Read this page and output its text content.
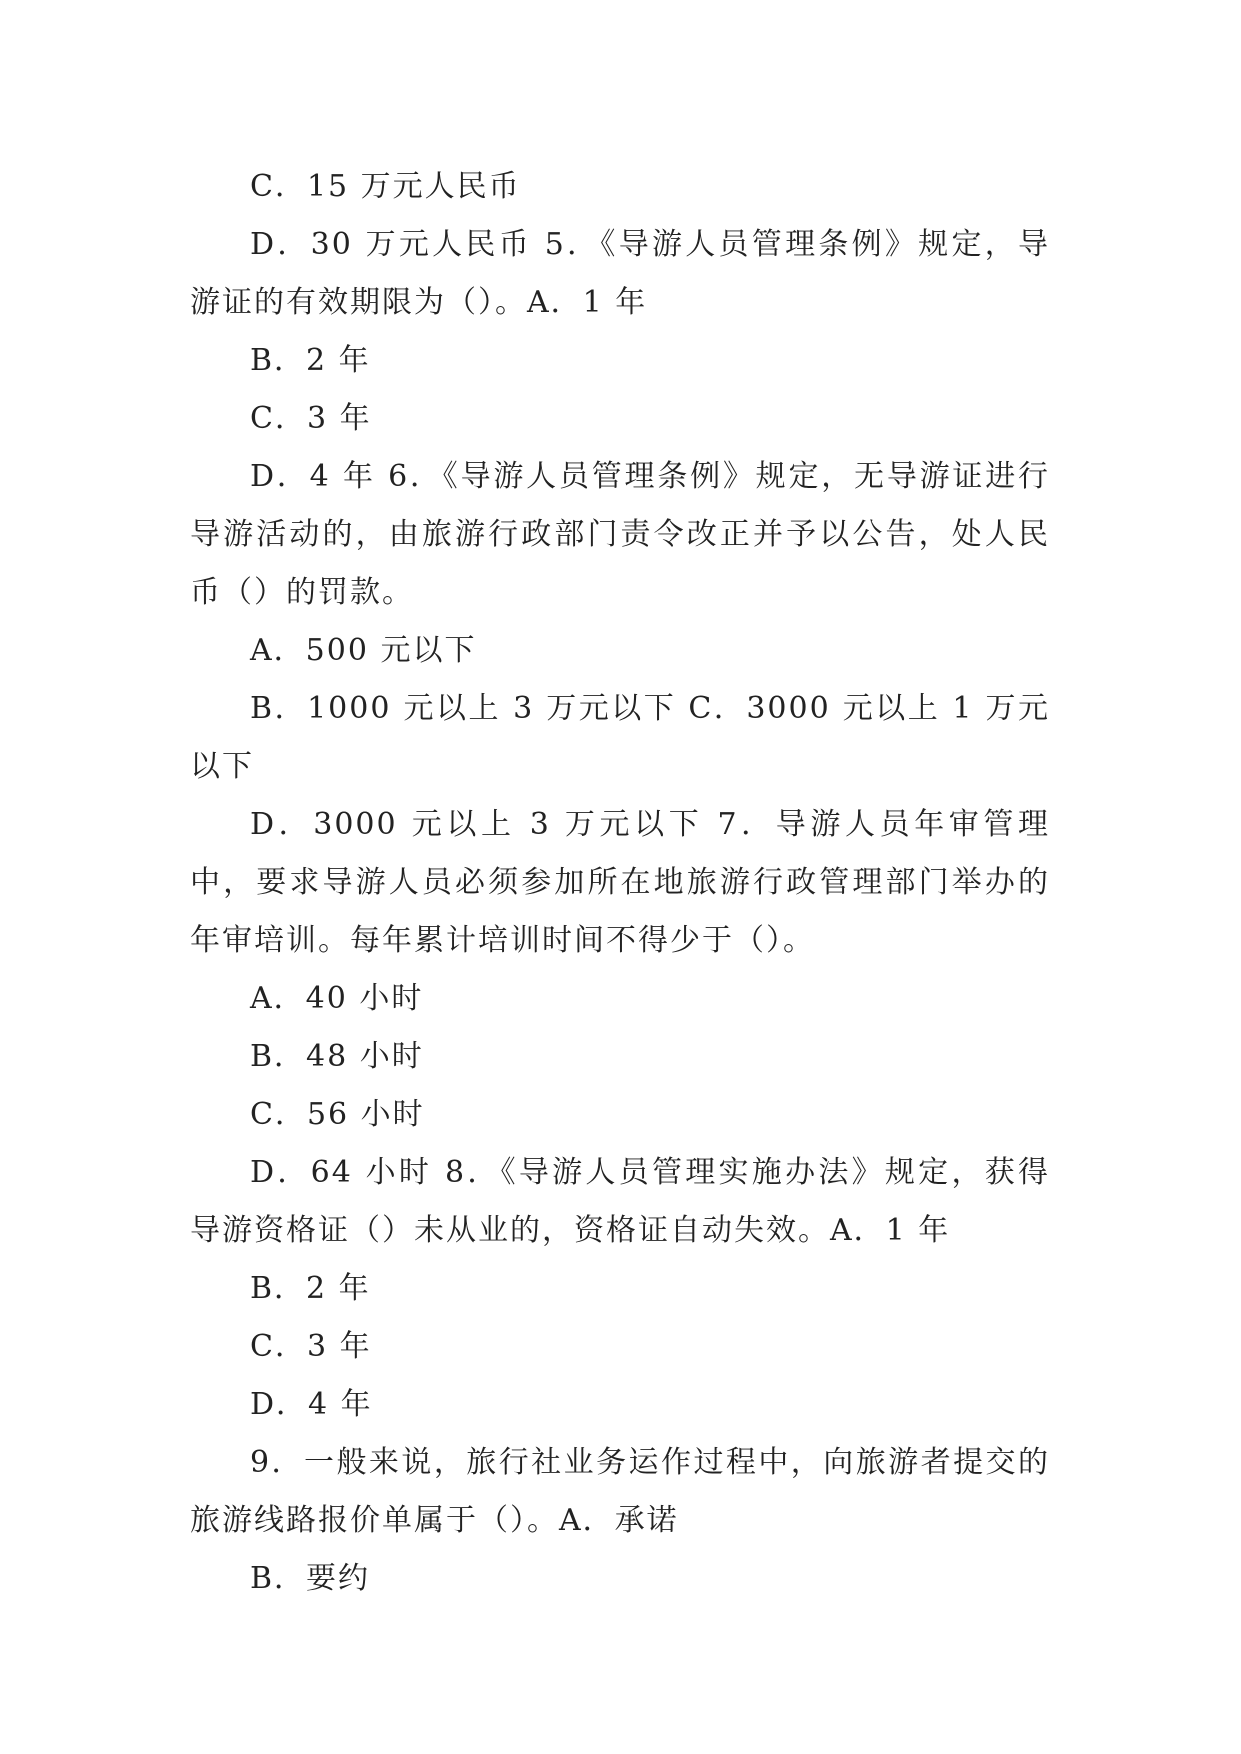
C．15 万元人民币

D．30 万元人民币 5．《导游人员管理条例》规定，导游证的有效期限为（）。A．1 年

B．2 年

C．3 年

D．4 年 6．《导游人员管理条例》规定，无导游证进行导游活动的，由旅游行政部门责令改正并予以公告，处人民币（）的罚款。

A．500 元以下

B．1000 元以上 3 万元以下 C．3000 元以上 1 万元以下

D．3000 元以上 3 万元以下 7．导游人员年审管理中，要求导游人员必须参加所在地旅游行政管理部门举办的年审培训。每年累计培训时间不得少于（）。

A．40 小时

B．48 小时

C．56 小时

D．64 小时 8．《导游人员管理实施办法》规定，获得导游资格证（）未从业的，资格证自动失效。A．1 年

B．2 年

C．3 年

D．4 年

9．一般来说，旅行社业务运作过程中，向旅游者提交的旅游线路报价单属于（）。A．承诺

B．要约
